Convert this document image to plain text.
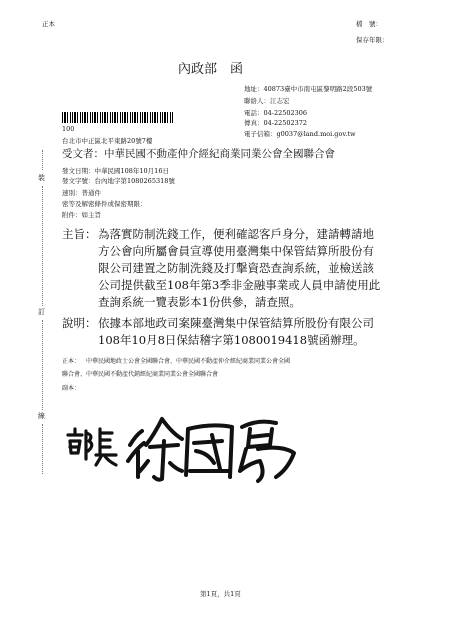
正本	檔　號：
保存年限：
內政部　函
地址：40873臺中市南屯區黎明路2段503號
聯絡人：江志宏
電話：04-22502306
傳真：04-22502372
電子信箱：g0037@land.moi.gov.tw
100
台北市中正區北平東路20號7樓
受文者：中華民國不動產仲介經紀商業同業公會全國聯合會
發文日期：中華民國108年10月16日
發文字號：台內地字第1080265318號
速別：普通件
密等及解密條件或保密期限：
附件：如主旨
裝
訂
線
主旨： 為落實防制洗錢工作，便利確認客戶身分，建請轉請地
方公會向所屬會員宣導使用臺灣集中保管結算所股份有
限公司建置之防制洗錢及打擊資恐查詢系統，並檢送該
公司提供截至108年第3季非金融事業或人員申請使用此
查詢系統一覽表影本1份供參，請查照。
說明： 依據本部地政司案陳臺灣集中保管結算所股份有限公司
108年10月8日保結稽字第1080019418號函辦理。
正本： 中華民國地政士公會全國聯合會、中華民國不動產仲介經紀商業同業公會全國
聯合會、中華民國不動產代銷經紀商業同業公會全國聯合會
副本：
第1頁，共1頁
